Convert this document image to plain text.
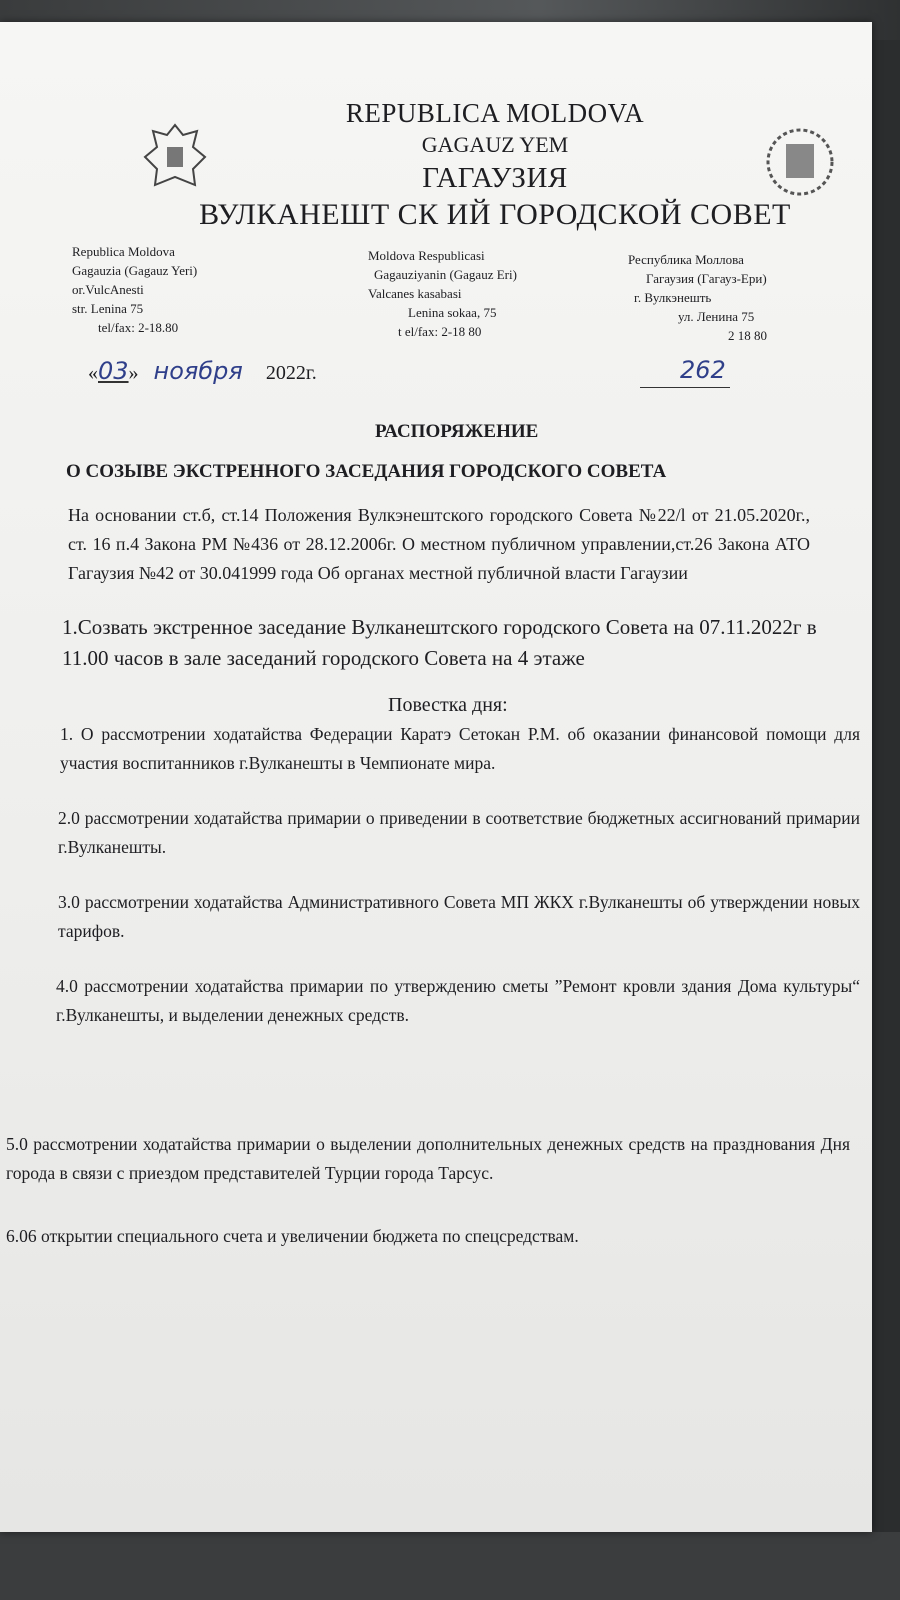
REPUBLICA MOLDOVA
GAGAUZ YEM
ГАГАУЗИЯ
ВУЛКАНЕШТ СК ИЙ ГОРОДСКОЙ СОВЕТ
Republica Moldova
Gagauzia (Gagauz Yeri)
or.VulcAnesti
str. Lenina 75
tel/fax: 2-18.80
Moldova Respublicasi
Gagauziyanin (Gagauz Eri)
Valcanes kasabasi
Lenina sokaa, 75
t el/fax: 2-18 80
Республика Моллова
Гагаузия (Гагауз-Ери)
г. Вулкэнешть
ул. Ленина 75
2 18 80
«03» ноября 2022г.	262
РАСПОРЯЖЕНИЕ
О СОЗЫВЕ ЭКСТРЕННОГО ЗАСЕДАНИЯ ГОРОДСКОГО СОВЕТА
На основании ст.б, ст.14 Положения Вулкэнештского городского Совета №22/l от 21.05.2020г., ст. 16 п.4 Закона РМ №436 от 28.12.2006г. О местном публичном управлении,ст.26 Закона АТО Гагаузия №42 от 30.041999 года Об органах местной публичной власти Гагаузии
1.Созвать экстренное заседание Вулканештского городского Совета на 07.11.2022г в 11.00 часов в зале заседаний городского Совета на 4 этаже
Повестка дня:
1. О рассмотрении ходатайства Федерации Каратэ Сетокан Р.М. об оказании финансовой помощи для участия воспитанников г.Вулканешты в Чемпионате мира.
2.0 рассмотрении ходатайства примарии о приведении в соответствие бюджетных ассигнований примарии г.Вулканешты.
3.0 рассмотрении ходатайства Административного Совета МП ЖКХ г.Вулканешты об утверждении новых тарифов.
4.0 рассмотрении ходатайства примарии по утверждению сметы ”Ремонт кровли здания Дома культуры“ г.Вулканешты, и выделении денежных средств.
5.0 рассмотрении ходатайства примарии о выделении дополнительных денежных средств на празднования Дня города в связи с приездом представителей Турции города Тарсус.
6.06 открытии специального счета и увеличении бюджета по спецсредствам.
